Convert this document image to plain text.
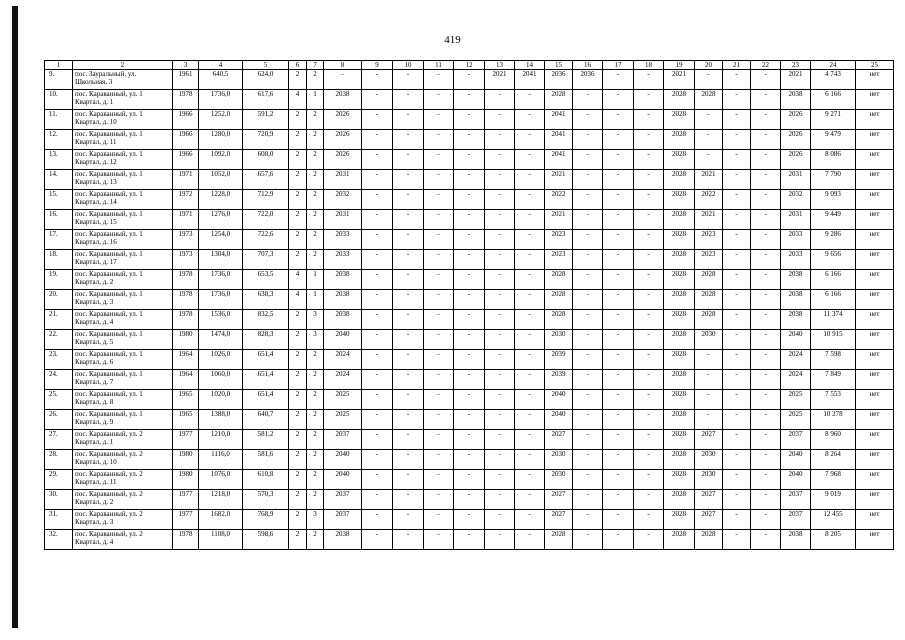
419
1	2	3	4	5	6	7	8	9	10	11	12	13	14	15	16	17	18	19	20	21	22	23	24	25
9.	пос. Зауральный, ул. Школьная, 3	1961	640,5	624,0	2	2	-	-	-	-	-	2021	2041	2036	2036	-	-	2021	-	-	-	2021	4 743	нет
10.	пос. Караванный, ул. 1 Квартал, д. 1	1978	1736,0	617,6	4	1	2038	-	-	-	-	-	-	2028	-	-	-	2028	2028	-	-	2038	6 166	нет
11.	пос. Караванный, ул. 1 Квартал, д. 10	1966	1252,0	591,2	2	2	2026	-	-	-	-	-	-	2041	-	-	-	2028	-	-	-	2026	9 271	нет
12.	пос. Караванный, ул. 1 Квартал, д. 11	1966	1280,0	720,9	2	2	2026	-	-	-	-	-	-	2041	-	-	-	2028	-	-	-	2026	9 479	нет
13.	пос. Караванный, ул. 1 Квартал, д. 12	1966	1092,0	608,0	2	2	2026	-	-	-	-	-	-	2041	-	-	-	2028	-	-	-	2026	8 086	нет
14.	пос. Караванный, ул. 1 Квартал, д. 13	1971	1052,0	657,6	2	2	2031	-	-	-	-	-	-	2021	-	-	-	2028	2021	-	-	2031	7 790	нет
15.	пос. Караванный, ул. 1 Квартал, д. 14	1972	1228,0	712,9	2	2	2032	-	-	-	-	-	-	2022	-	-	-	2028	2022	-	-	2032	9 093	нет
16.	пос. Караванный, ул. 1 Квартал, д. 15	1971	1276,0	722,0	2	2	2031	-	-	-	-	-	-	2021	-	-	-	2028	2021	-	-	2031	9 449	нет
17.	пос. Караванный, ул. 1 Квартал, д. 16	1973	1254,0	722,6	2	2	2033	-	-	-	-	-	-	2023	-	-	-	2028	2023	-	-	2033	9 286	нет
18.	пос. Караванный, ул. 1 Квартал, д. 17	1973	1304,0	707,3	2	2	2033	-	-	-	-	-	-	2023	-	-	-	2028	2023	-	-	2033	9 656	нет
19.	пос. Караванный, ул. 1 Квартал, д. 2	1978	1736,0	653,5	4	1	2038	-	-	-	-	-	-	2028	-	-	-	2028	2028	-	-	2038	6 166	нет
20.	пос. Караванный, ул. 1 Квартал, д. 3	1978	1736,0	638,3	4	1	2038	-	-	-	-	-	-	2028	-	-	-	2028	2028	-	-	2038	6 166	нет
21.	пос. Караванный, ул. 1 Квартал, д. 4	1978	1536,0	832,5	2	3	2038	-	-	-	-	-	-	2028	-	-	-	2028	2028	-	-	2038	11 374	нет
22.	пос. Караванный, ул. 1 Квартал, д. 5	1980	1474,0	828,3	2	3	2040	-	-	-	-	-	-	2030	-	-	-	2028	2030	-	-	2040	10 915	нет
23.	пос. Караванный, ул. 1 Квартал, д. 6	1964	1026,0	651,4	2	2	2024	-	-	-	-	-	-	2039	-	-	-	2028	-	-	-	2024	7 598	нет
24.	пос. Караванный, ул. 1 Квартал, д. 7	1964	1060,0	651,4	2	2	2024	-	-	-	-	-	-	2039	-	-	-	2028	-	-	-	2024	7 849	нет
25.	пос. Караванный, ул. 1 Квартал, д. 8	1965	1020,0	651,4	2	2	2025	-	-	-	-	-	-	2040	-	-	-	2028	-	-	-	2025	7 553	нет
26.	пос. Караванный, ул. 1 Квартал, д. 9	1965	1388,0	640,7	2	2	2025	-	-	-	-	-	-	2040	-	-	-	2028	-	-	-	2025	10 278	нет
27.	пос. Караванный, ул. 2 Квартал, д. 1	1977	1210,0	581,2	2	2	2037	-	-	-	-	-	-	2027	-	-	-	2028	2027	-	-	2037	8 960	нет
28.	пос. Караванный, ул. 2 Квартал, д. 10	1980	1116,0	581,6	2	2	2040	-	-	-	-	-	-	2030	-	-	-	2028	2030	-	-	2040	8 264	нет
29.	пос. Караванный, ул. 2 Квартал, д. 11	1980	1076,0	610,8	2	2	2040	-	-	-	-	-	-	2030	-	-	-	2028	2030	-	-	2040	7 968	нет
30.	пос. Караванный, ул. 2 Квартал, д. 2	1977	1218,0	570,3	2	2	2037	-	-	-	-	-	-	2027	-	-	-	2028	2027	-	-	2037	9 019	нет
31.	пос. Караванный, ул. 2 Квартал, д. 3	1977	1682,0	768,9	2	3	2037	-	-	-	-	-	-	2027	-	-	-	2028	2027	-	-	2037	12 455	нет
32.	пос. Караванный, ул. 2 Квартал, д. 4	1978	1108,0	598,6	2	2	2038	-	-	-	-	-	-	2028	-	-	-	2028	2028	-	-	2038	8 205	нет
